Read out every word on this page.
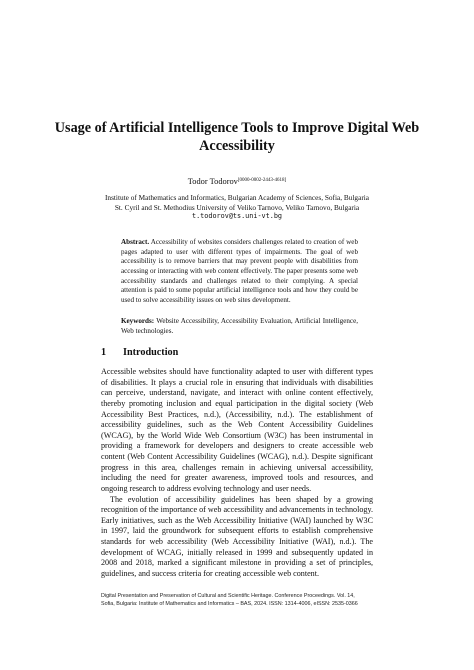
Usage of Artificial Intelligence Tools to Improve Digital Web Accessibility
Todor Todorov[0000-0002-2443-4618]
Institute of Mathematics and Informatics, Bulgarian Academy of Sciences, Sofia, Bulgaria
St. Cyril and St. Methodius University of Veliko Tarnovo, Veliko Tarnovo, Bulgaria
t.todorov@ts.uni-vt.bg
Abstract. Accessibility of websites considers challenges related to creation of web pages adapted to user with different types of impairments. The goal of web accessibility is to remove barriers that may prevent people with disabilities from accessing or interacting with web content effectively. The paper presents some web accessibility standards and challenges related to their complying. A special attention is paid to some popular artificial intelligence tools and how they could be used to solve accessibility issues on web sites development.
Keywords: Website Accessibility, Accessibility Evaluation, Artificial Intelligence, Web technologies.
1 Introduction

Accessible websites should have functionality adapted to user with different types of disabilities. It plays a crucial role in ensuring that individuals with disabilities can perceive, understand, navigate, and interact with online content effectively, thereby promoting inclusion and equal participation in the digital society (Web Accessibility Best Practices, n.d.), (Accessibility, n.d.). The establishment of accessibility guidelines, such as the Web Content Accessibility Guidelines (WCAG), by the World Wide Web Consortium (W3C) has been instrumental in providing a framework for developers and designers to create accessible web content (Web Content Accessibility Guidelines (WCAG), n.d.). Despite significant progress in this area, challenges remain in achieving universal accessibility, including the need for greater awareness, improved tools and resources, and ongoing research to address evolving technology and user needs.

The evolution of accessibility guidelines has been shaped by a growing recognition of the importance of web accessibility and advancements in technology. Early initiatives, such as the Web Accessibility Initiative (WAI) launched by W3C in 1997, laid the groundwork for subsequent efforts to establish comprehensive standards for web accessibility (Web Accessibility Initiative (WAI), n.d.). The development of WCAG, initially released in 1999 and subsequently updated in 2008 and 2018, marked a significant milestone in providing a set of principles, guidelines, and success criteria for creating accessible web content.

Digital Presentation and Preservation of Cultural and Scientific Heritage. Conference Proceedings. Vol. 14,
Sofia, Bulgaria: Institute of Mathematics and Informatics – BAS, 2024. ISSN: 1314-4006, eISSN: 2535-0366
